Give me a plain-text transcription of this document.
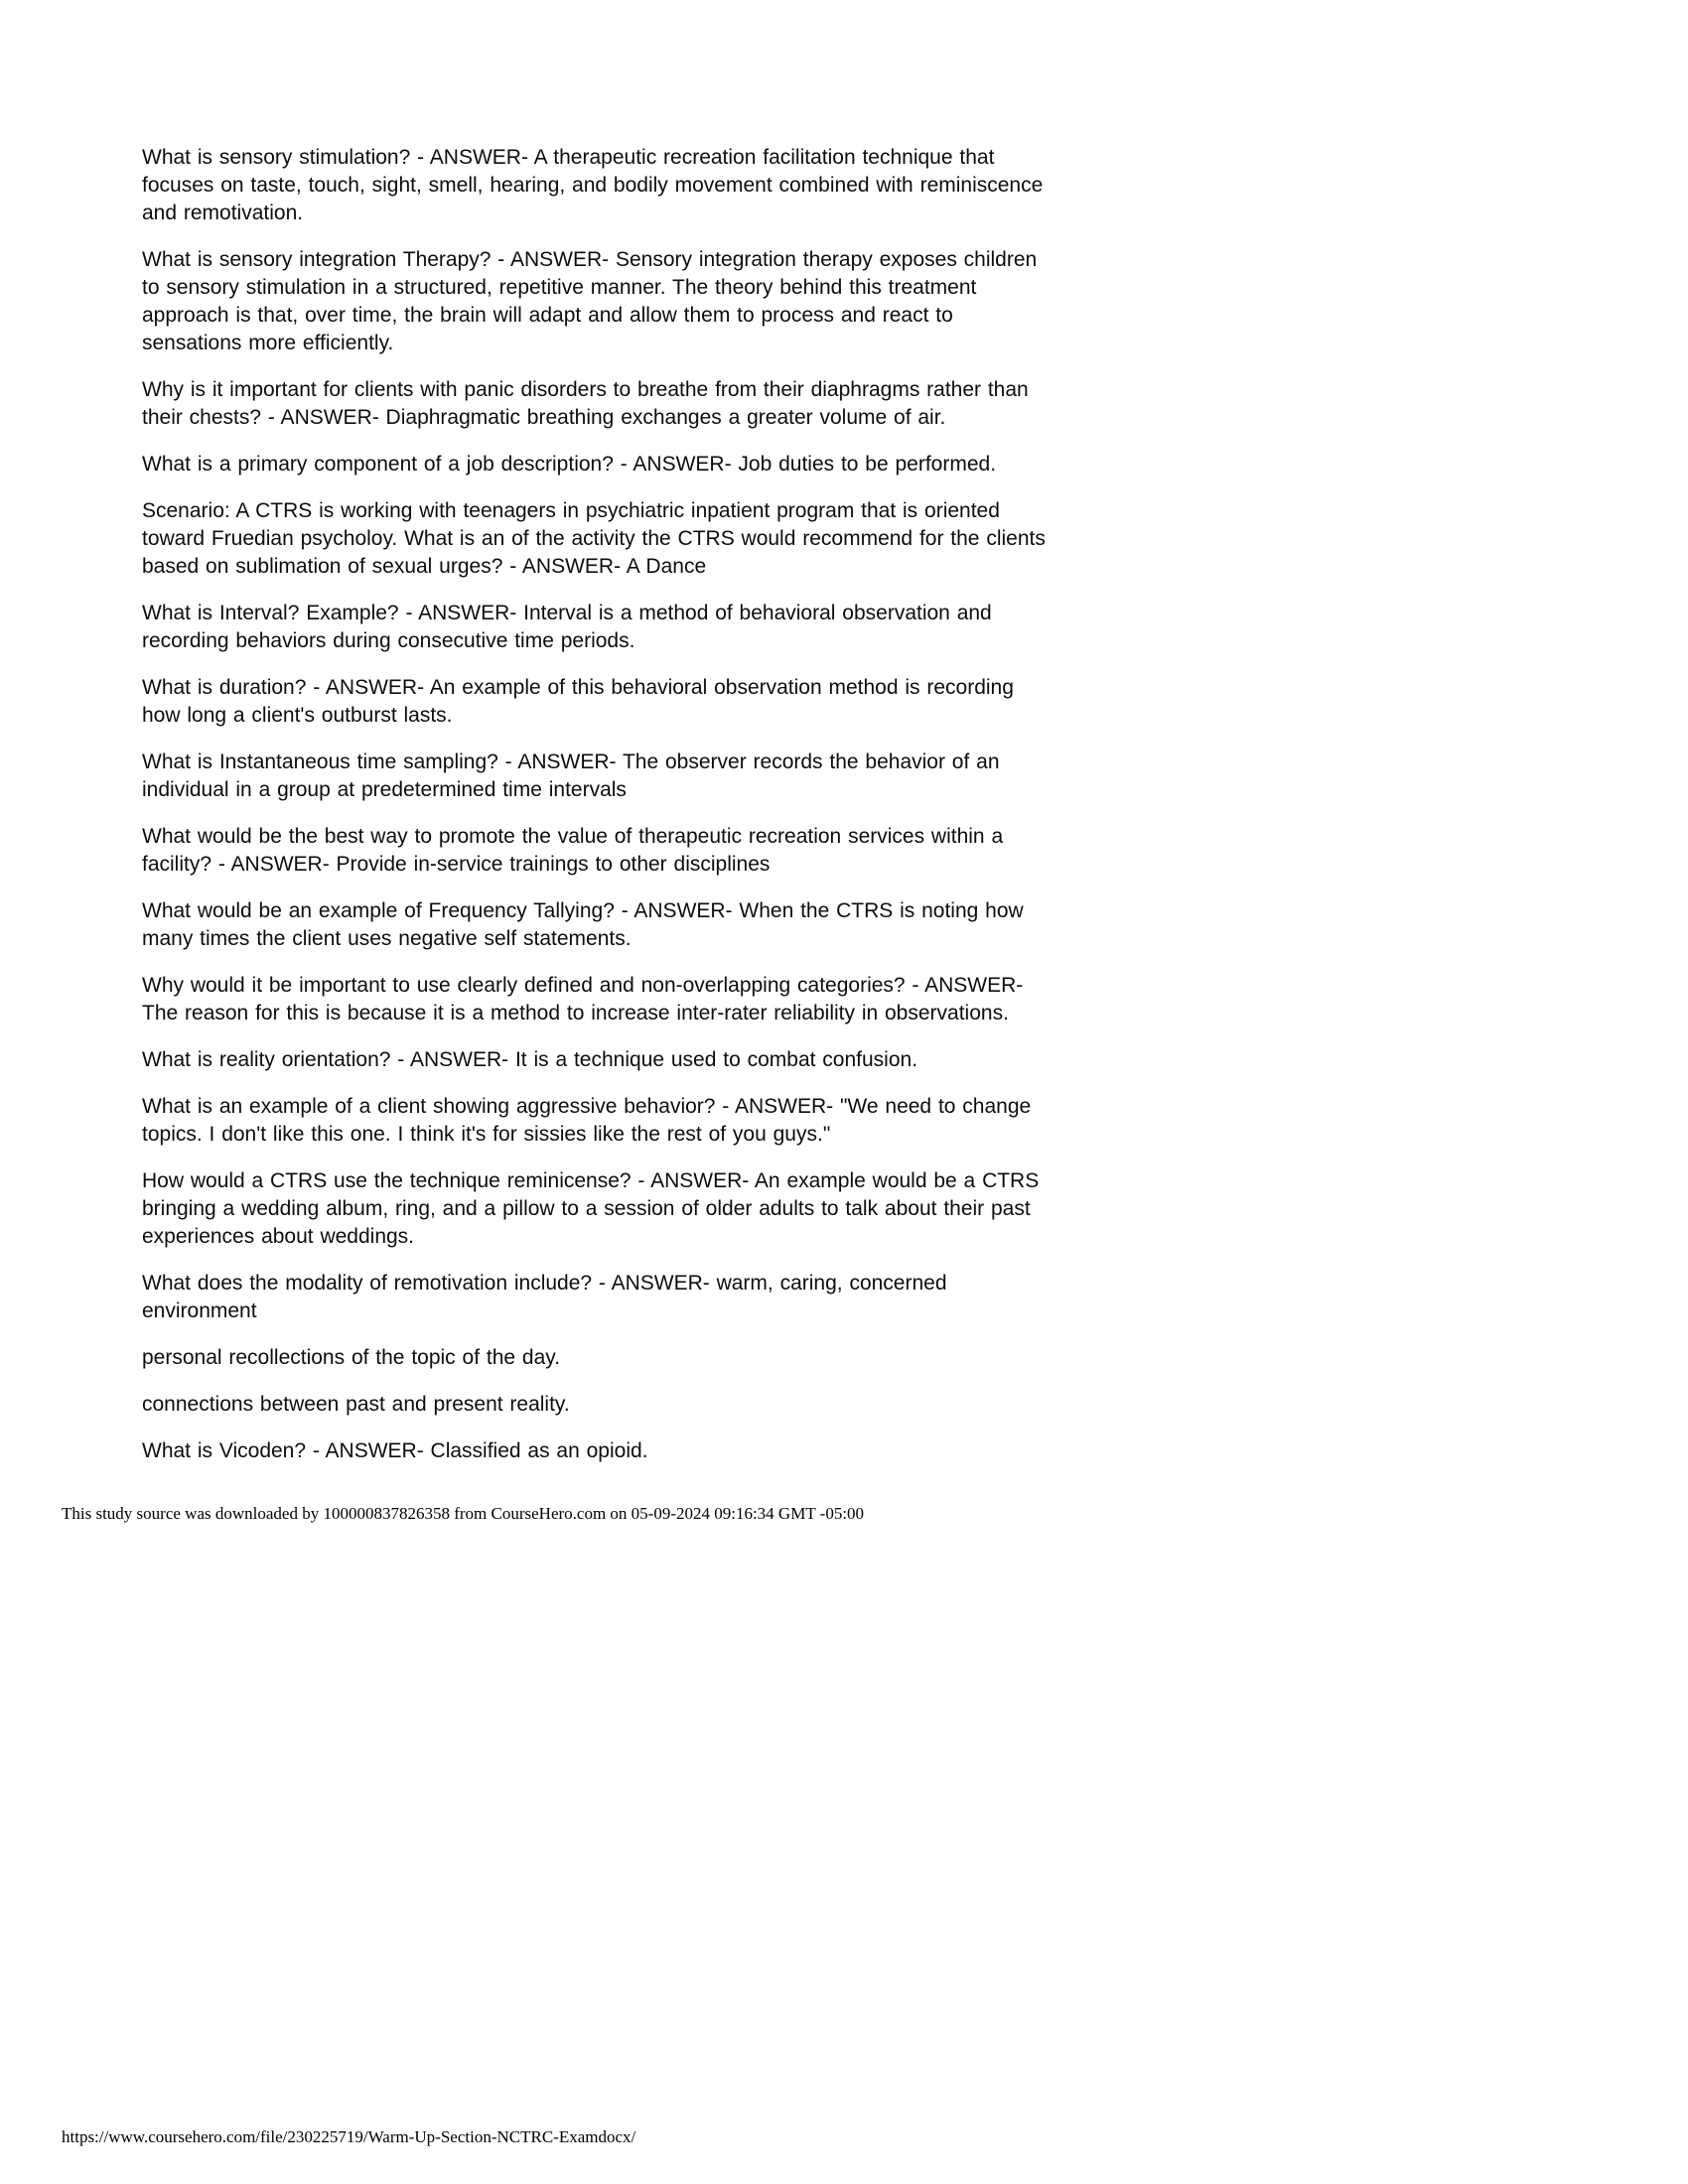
What is sensory stimulation? - ANSWER- A therapeutic recreation facilitation technique that focuses on taste, touch, sight, smell, hearing, and bodily movement combined with reminiscence and remotivation.

What is sensory integration Therapy? - ANSWER- Sensory integration therapy exposes children to sensory stimulation in a structured, repetitive manner. The theory behind this treatment approach is that, over time, the brain will adapt and allow them to process and react to sensations more efficiently.

Why is it important for clients with panic disorders to breathe from their diaphragms rather than their chests? - ANSWER- Diaphragmatic breathing exchanges a greater volume of air.

What is a primary component of a job description? - ANSWER- Job duties to be performed.

Scenario: A CTRS is working with teenagers in psychiatric inpatient program that is oriented toward Fruedian psycholoy. What is an of the activity the CTRS would recommend for the clients based on sublimation of sexual urges? - ANSWER- A Dance

What is Interval? Example? - ANSWER- Interval is a method of behavioral observation and recording behaviors during consecutive time periods.

What is duration? - ANSWER- An example of this behavioral observation method is recording how long a client's outburst lasts.

What is Instantaneous time sampling? - ANSWER- The observer records the behavior of an individual in a group at predetermined time intervals

What would be the best way to promote the value of therapeutic recreation services within a facility? - ANSWER- Provide in-service trainings to other disciplines

What would be an example of Frequency Tallying? - ANSWER- When the CTRS is noting how many times the client uses negative self statements.

Why would it be important to use clearly defined and non-overlapping categories? - ANSWER- The reason for this is because it is a method to increase inter-rater reliability in observations.

What is reality orientation? - ANSWER- It is a technique used to combat confusion.

What is an example of a client showing aggressive behavior? - ANSWER- "We need to change topics. I don't like this one. I think it's for sissies like the rest of you guys."

How would a CTRS use the technique reminicense? - ANSWER- An example would be a CTRS bringing a wedding album, ring, and a pillow to a session of older adults to talk about their past experiences about weddings.

What does the modality of remotivation include? - ANSWER- warm, caring, concerned environment

personal recollections of the topic of the day.

connections between past and present reality.

What is Vicoden? - ANSWER- Classified as an opioid.

This study source was downloaded by 100000837826358 from CourseHero.com on 05-09-2024 09:16:34 GMT -05:00
https://www.coursehero.com/file/230225719/Warm-Up-Section-NCTRC-Examdocx/
